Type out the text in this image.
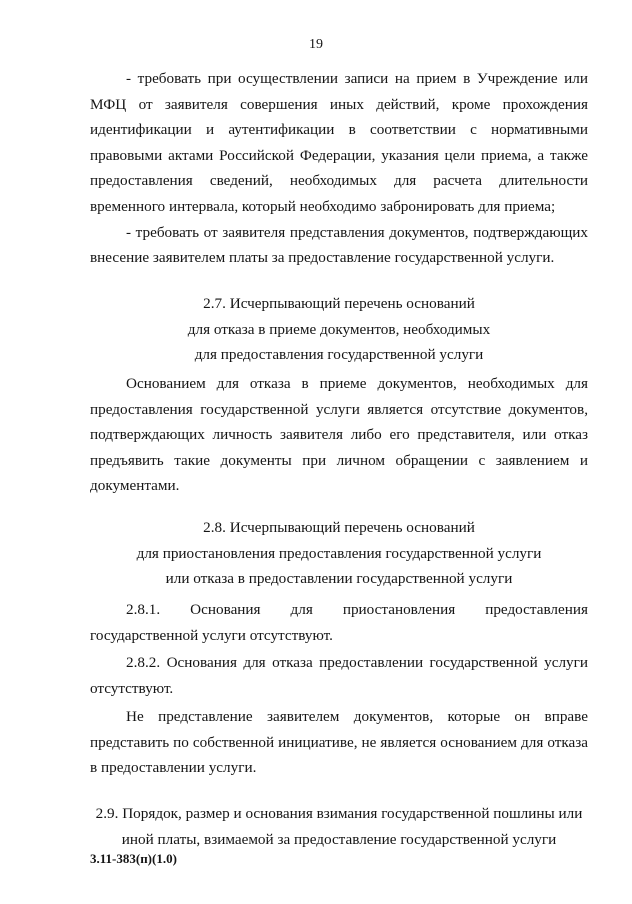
19

- требовать при осуществлении записи на прием в Учреждение или
МФЦ от заявителя совершения иных действий, кроме прохождения
идентификации и аутентификации в соответствии с нормативными
правовыми актами Российской Федерации, указания цели приема, а также
предоставления сведений, необходимых для расчета длительности
временного интервала, который необходимо забронировать для приема;

- требовать от заявителя представления документов, подтверждающих
внесение заявителем платы за предоставление государственной услуги.

2.7. Исчерпывающий перечень оснований
для отказа в приеме документов, необходимых
для предоставления государственной услуги

Основанием для отказа в приеме документов, необходимых для
предоставления государственной услуги является отсутствие документов,
подтверждающих личность заявителя либо его представителя, или отказ
предъявить такие документы при личном обращении с заявлением и
документами.

2.8. Исчерпывающий перечень оснований
для приостановления предоставления государственной услуги
или отказа в предоставлении государственной услуги

2.8.1. Основания для приостановления предоставления
государственной услуги отсутствуют.

2.8.2. Основания для отказа предоставлении государственной услуги
отсутствуют.

Не представление заявителем документов, которые он вправе
представить по собственной инициативе, не является основанием для отказа
в предоставлении услуги.

2.9. Порядок, размер и основания взимания государственной пошлины или
иной платы, взимаемой за предоставление государственной услуги

3.11-383(п)(1.0)
